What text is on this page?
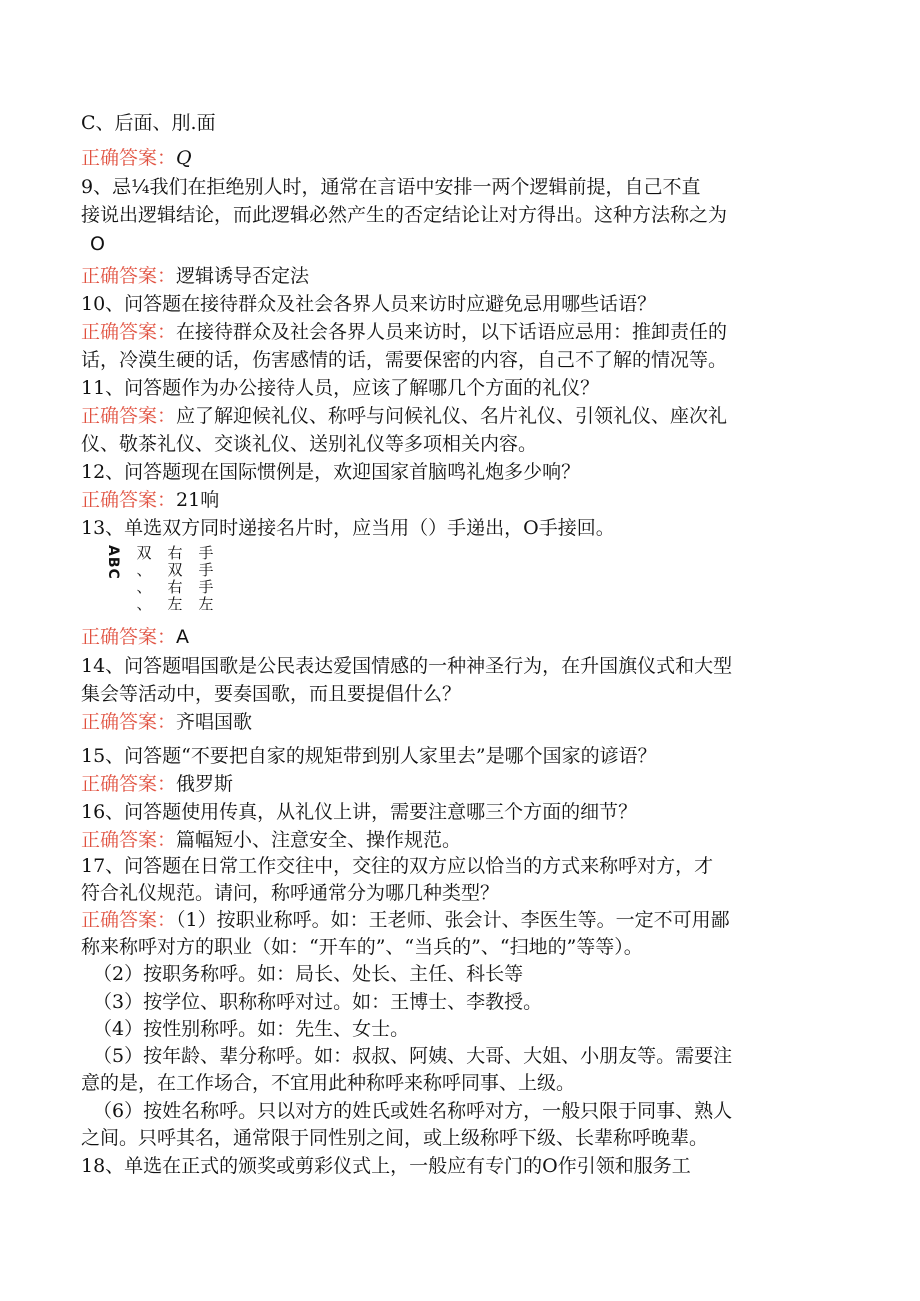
C、后面、刖.面
正确答案：Q
9、忌¼我们在拒绝别人时，通常在言语中安排一两个逻辑前提，自己不直
接说出逻辑结论，而此逻辑必然产生的否定结论让对方得出。这种方法称之为
O
正确答案：逻辑诱导否定法
10、问答题在接待群众及社会各界人员来访时应避免忌用哪些话语？
正确答案：在接待群众及社会各界人员来访时，以下话语应忌用：推卸责任的
话，冷漠生硬的话，伤害感情的话，需要保密的内容，自己不了解的情况等。
11、问答题作为办公接待人员，应该了解哪几个方面的礼仪？
正确答案：应了解迎候礼仪、称呼与问候礼仪、名片礼仪、引领礼仪、座次礼
仪、敬茶礼仪、交谈礼仪、送别礼仪等多项相关内容。
12、问答题现在国际惯例是，欢迎国家首脑鸣礼炮多少响？
正确答案：21响
13、单选双方同时递接名片时，应当用（）手递出，O手接回。
ABC 双
、
、
、
右
双
右
左
手
手
手
左
正确答案：A
14、问答题唱国歌是公民表达爱国情感的一种神圣行为，在升国旗仪式和大型
集会等活动中，要奏国歌，而且要提倡什么？
正确答案：齐唱国歌
15、问答题“不要把自家的规矩带到别人家里去”是哪个国家的谚语？
正确答案：俄罗斯
16、问答题使用传真，从礼仪上讲，需要注意哪三个方面的细节？
正确答案：篇幅短小、注意安全、操作规范。
17、问答题在日常工作交往中，交往的双方应以恰当的方式来称呼对方，才
符合礼仪规范。请问，称呼通常分为哪几种类型？
正确答案：（1）按职业称呼。如：王老师、张会计、李医生等。一定不可用鄙
称来称呼对方的职业（如：“开车的”、“当兵的”、“扫地的”等等）。
（2）按职务称呼。如：局长、处长、主任、科长等
（3）按学位、职称称呼对过。如：王博士、李教授。
（4）按性别称呼。如：先生、女士。
（5）按年龄、辈分称呼。如：叔叔、阿姨、大哥、大姐、小朋友等。需要注
意的是，在工作场合，不宜用此种称呼来称呼同事、上级。
（6）按姓名称呼。只以对方的姓氏或姓名称呼对方，一般只限于同事、熟人
之间。只呼其名，通常限于同性别之间，或上级称呼下级、长辈称呼晚辈。
18、单选在正式的颁奖或剪彩仪式上，一般应有专门的O作引领和服务工
